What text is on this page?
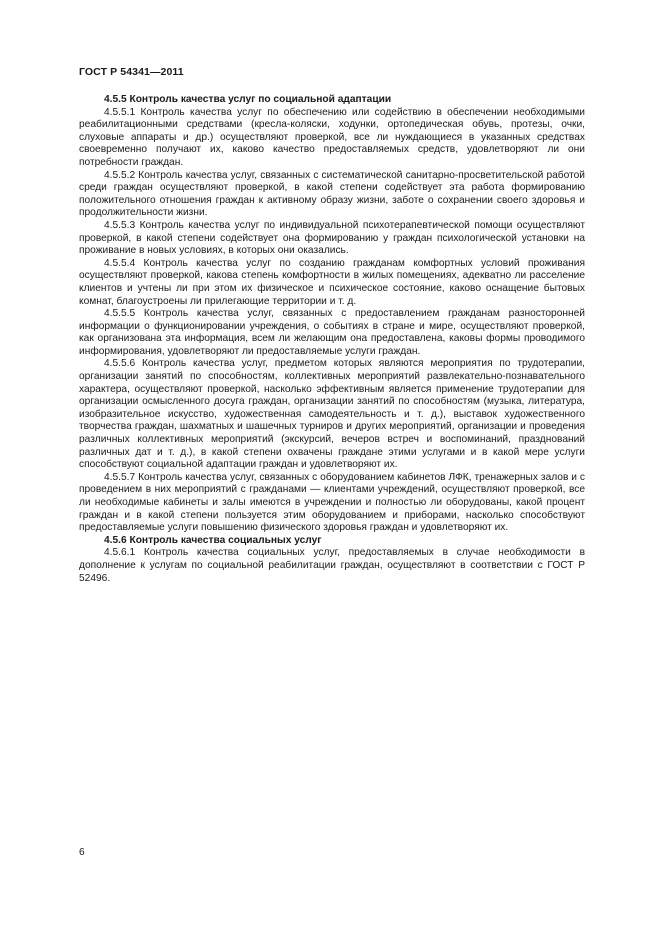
ГОСТ Р 54341—2011

4.5.5 Контроль качества услуг по социальной адаптации

4.5.5.1 Контроль качества услуг по обеспечению или содействию в обеспечении необходимыми реабилитационными средствами (кресла-коляски, ходунки, ортопедическая обувь, протезы, очки, слуховые аппараты и др.) осуществляют проверкой, все ли нуждающиеся в указанных средствах своевременно получают их, каково качество предоставляемых средств, удовлетворяют ли они потребности граждан.

4.5.5.2 Контроль качества услуг, связанных с систематической санитарно-просветительской работой среди граждан осуществляют проверкой, в какой степени содействует эта работа формированию положительного отношения граждан к активному образу жизни, заботе о сохранении своего здоровья и продолжительности жизни.

4.5.5.3 Контроль качества услуг по индивидуальной психотерапевтической помощи осуществляют проверкой, в какой степени содействует она формированию у граждан психологической установки на проживание в новых условиях, в которых они оказались.

4.5.5.4 Контроль качества услуг по созданию гражданам комфортных условий проживания осуществляют проверкой, какова степень комфортности в жилых помещениях, адекватно ли расселение клиентов и учтены ли при этом их физическое и психическое состояние, каково оснащение бытовых комнат, благоустроены ли прилегающие территории и т. д.

4.5.5.5 Контроль качества услуг, связанных с предоставлением гражданам разносторонней информации о функционировании учреждения, о событиях в стране и мире, осуществляют проверкой, как организована эта информация, всем ли желающим она предоставлена, каковы формы проводимого информирования, удовлетворяют ли предоставляемые услуги граждан.

4.5.5.6 Контроль качества услуг, предметом которых являются мероприятия по трудотерапии, организации занятий по способностям, коллективных мероприятий развлекательно-познавательного характера, осуществляют проверкой, насколько эффективным является применение трудотерапии для организации осмысленного досуга граждан, организации занятий по способностям (музыка, литература, изобразительное искусство, художественная самодеятельность и т. д.), выставок художественного творчества граждан, шахматных и шашечных турниров и других мероприятий, организации и проведения различных коллективных мероприятий (экскурсий, вечеров встреч и воспоминаний, празднований различных дат и т. д.), в какой степени охвачены граждане этими услугами и в какой мере услуги способствуют социальной адаптации граждан и удовлетворяют их.

4.5.5.7 Контроль качества услуг, связанных с оборудованием кабинетов ЛФК, тренажерных залов и с проведением в них мероприятий с гражданами — клиентами учреждений, осуществляют проверкой, все ли необходимые кабинеты и залы имеются в учреждении и полностью ли оборудованы, какой процент граждан и в какой степени пользуется этим оборудованием и приборами, насколько способствуют предоставляемые услуги повышению физического здоровья граждан и удовлетворяют их.

4.5.6 Контроль качества социальных услуг

4.5.6.1 Контроль качества социальных услуг, предоставляемых в случае необходимости в дополнение к услугам по социальной реабилитации граждан, осуществляют в соответствии с ГОСТ Р 52496.

6
